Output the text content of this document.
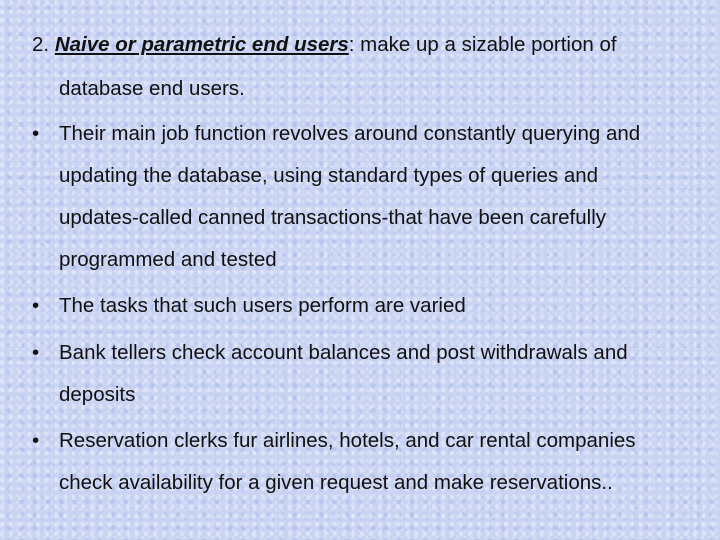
2. Naive or parametric end users: make up a sizable portion of
database end users.
• Their main job function revolves around constantly querying and
updating the database, using standard types of queries and
updates-called canned transactions-that have been carefully
programmed and tested
• The tasks that such users perform are varied
• Bank tellers check account balances and post withdrawals and
deposits
• Reservation clerks fur airlines, hotels, and car rental companies
check availability for a given request and make reservations..
